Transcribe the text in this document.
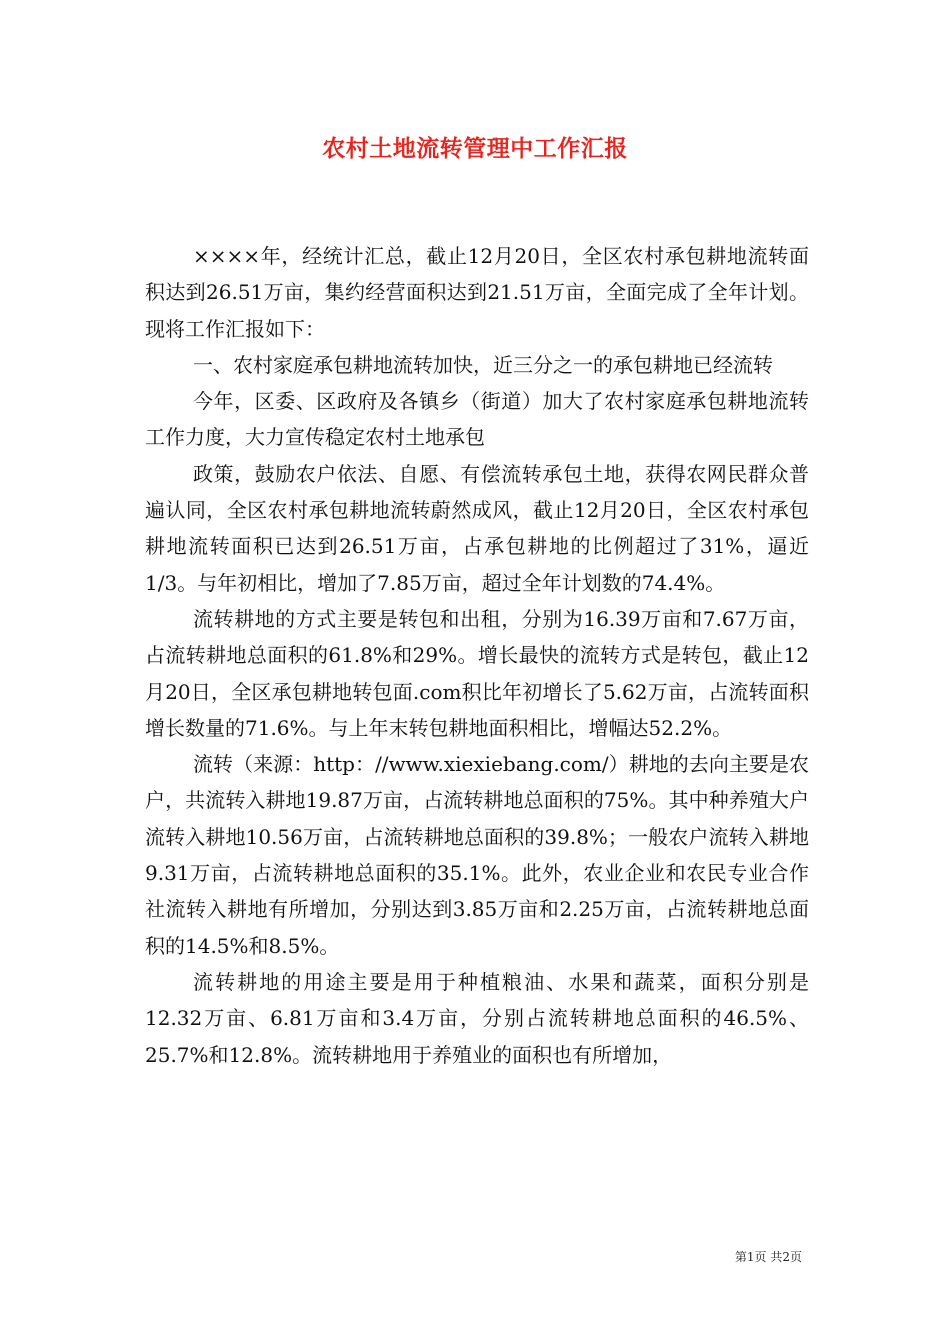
农村土地流转管理中工作汇报

××××年，经统计汇总，截止12月20日，全区农村承包耕地流转面积达到26.51万亩，集约经营面积达到21.51万亩，全面完成了全年计划。现将工作汇报如下：

一、农村家庭承包耕地流转加快，近三分之一的承包耕地已经流转

今年，区委、区政府及各镇乡（街道）加大了农村家庭承包耕地流转工作力度，大力宣传稳定农村土地承包

政策，鼓励农户依法、自愿、有偿流转承包土地，获得农网民群众普遍认同，全区农村承包耕地流转蔚然成风，截止12月20日，全区农村承包耕地流转面积已达到26.51万亩，占承包耕地的比例超过了31%，逼近1/3。与年初相比，增加了7.85万亩，超过全年计划数的74.4%。

流转耕地的方式主要是转包和出租，分别为16.39万亩和7.67万亩，占流转耕地总面积的61.8%和29%。增长最快的流转方式是转包，截止12月20日，全区承包耕地转包面.com积比年初增长了5.62万亩，占流转面积增长数量的71.6%。与上年末转包耕地面积相比，增幅达52.2%。

流转（来源：http：//www.xiexiebang.com/）耕地的去向主要是农户，共流转入耕地19.87万亩，占流转耕地总面积的75%。其中种养殖大户流转入耕地10.56万亩，占流转耕地总面积的39.8%；一般农户流转入耕地9.31万亩，占流转耕地总面积的35.1%。此外，农业企业和农民专业合作社流转入耕地有所增加，分别达到3.85万亩和2.25万亩，占流转耕地总面积的14.5%和8.5%。

流转耕地的用途主要是用于种植粮油、水果和蔬菜，面积分别是12.32万亩、6.81万亩和3.4万亩，分别占流转耕地总面积的46.5%、25.7%和12.8%。流转耕地用于养殖业的面积也有所增加，

第1页 共2页
